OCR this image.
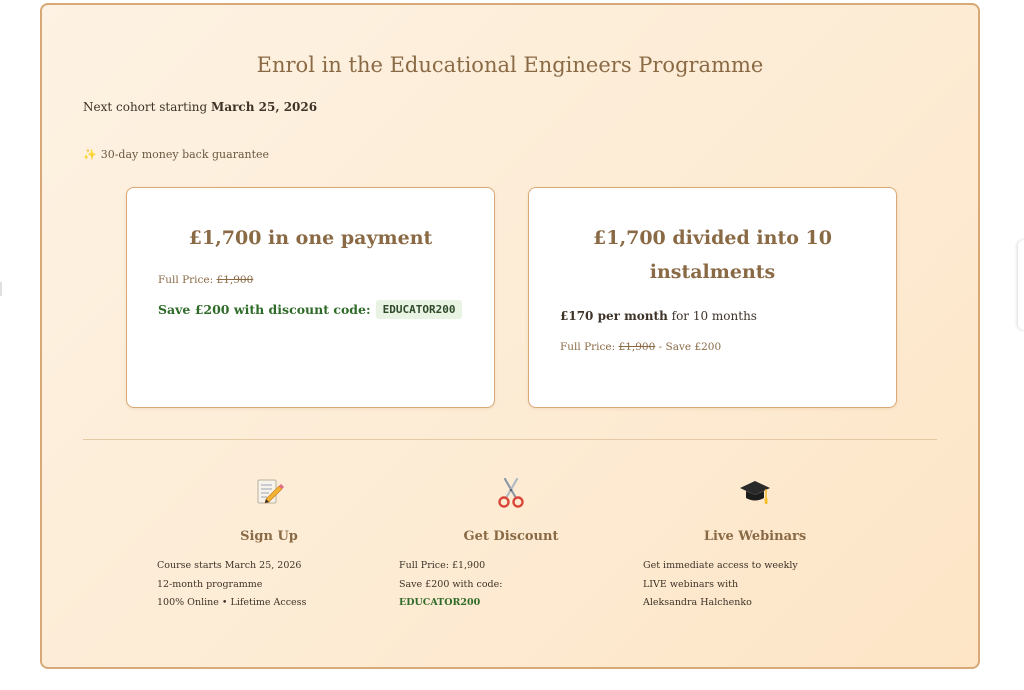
Enrol in the Educational Engineers Programme
Next cohort starting March 25, 2026
✨ 30-day money back guarantee
£1,700 in one payment
Full Price: £1,900
Save £200 with discount code:	EDUCATOR200
£1,700 divided into 10 instalments
£170 per month for 10 months
Full Price: £1,900 - Save £200
Sign Up
Course starts March 25, 2026
12-month programme
100% Online • Lifetime Access
Get Discount
Full Price: £1,900
Save £200 with code:
EDUCATOR200
Live Webinars
Get immediate access to weekly
LIVE webinars with
Aleksandra Halchenko
